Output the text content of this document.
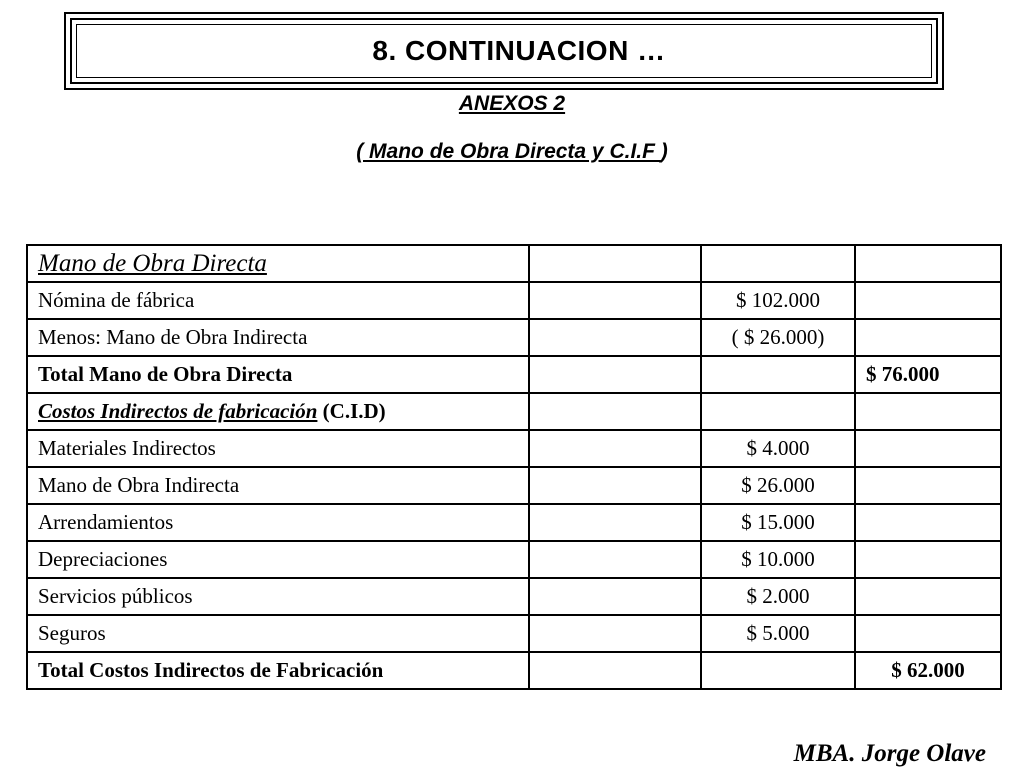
8. CONTINUACION …
ANEXOS 2
( Mano de Obra Directa y C.I.F )
Mano de Obra Directa			
Nómina de fábrica		$ 102.000	
Menos: Mano de Obra Indirecta		( $ 26.000)	
Total Mano de Obra Directa			$ 76.000
Costos Indirectos de fabricación (C.I.D)			
Materiales Indirectos		$ 4.000	
Mano de Obra Indirecta		$ 26.000	
Arrendamientos		$ 15.000	
Depreciaciones		$ 10.000	
Servicios públicos		$ 2.000	
Seguros		$ 5.000	
Total Costos Indirectos de Fabricación			$ 62.000
MBA. Jorge Olave
